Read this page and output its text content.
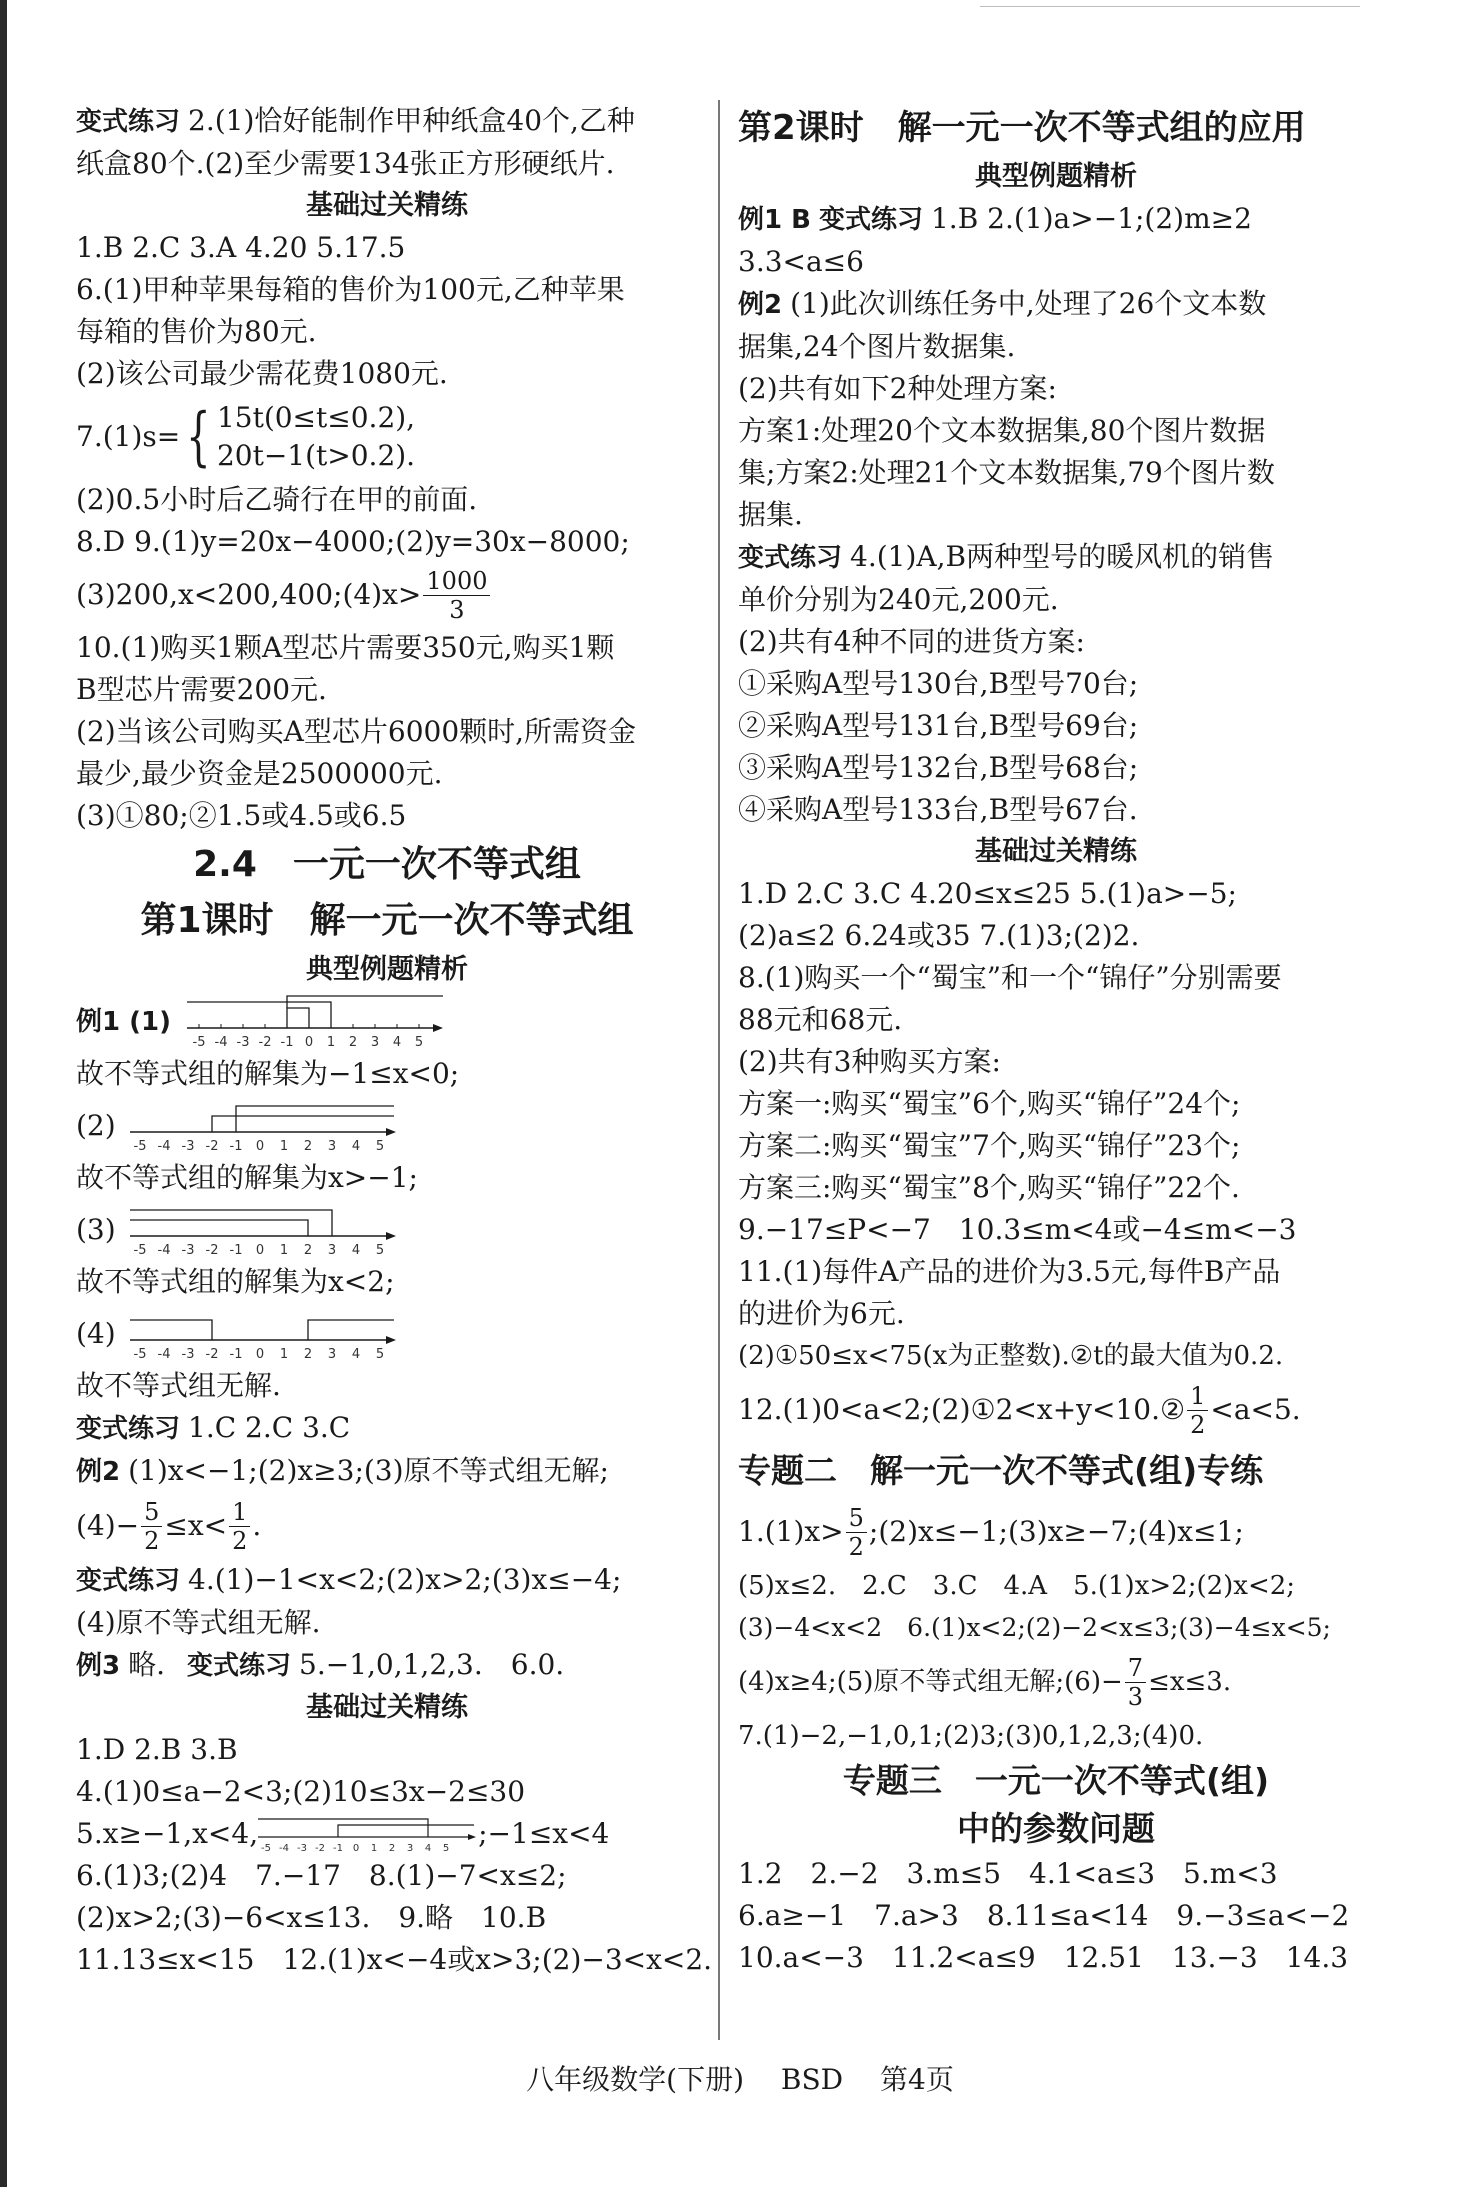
变式练习 2.(1)恰好能制作甲种纸盒40个,乙种
纸盒80个.(2)至少需要134张正方形硬纸片.
基础过关精练
1.B 2.C 3.A 4.20 5.17.5
6.(1)甲种苹果每箱的售价为100元,乙种苹果
每箱的售价为80元.
(2)该公司最少需花费1080元.
7.(1)s= { 15t(0≤t≤0.2),
20t−1(t>0.2).
(2)0.5小时后乙骑行在甲的前面.
8.D 9.(1)y=20x−4000;(2)y=30x−8000;
(3)200,x<200,400;(4)x> $\frac{1000}{3}$
10.(1)购买1颗A型芯片需要350元,购买1颗
B型芯片需要200元.
(2)当该公司购买A型芯片6000颗时,所需资金
最少,最少资金是2500000元.
(3)①80;②1.5或4.5或6.5
2.4　一元一次不等式组
第1课时　解一元一次不等式组
典型例题精析
例1 (1)
-5 -4 -3 -2 -1 0 1 2 3 4 5
故不等式组的解集为−1≤x<0;
(2)
-5 -4 -3 -2 -1 0 1 2 3 4 5
故不等式组的解集为x>−1;
(3)
-5 -4 -3 -2 -1 0 1 2 3 4 5
故不等式组的解集为x<2;
(4)
-5 -4 -3 -2 -1 0 1 2 3 4 5
故不等式组无解.
变式练习 1.C 2.C 3.C
例2 (1)x<−1;(2)x≥3;(3)原不等式组无解;
$(4)- \frac{5}{2} \le x< \frac{1}{2}$ .
变式练习 4.(1)−1<x<2;(2)x>2;(3)x≤−4;
(4)原不等式组无解.
例3 略. 变式练习 5.−1,0,1,2,3.　6.0.
基础过关精练
1.D 2.B 3.B
4.(1)0≤a−2<3;(2)10≤3x−2≤30
5.x≥−1,x<4, -5 -4 -3 -2 -1 0 1 2 3 4 5 ;−1≤x<4
6.(1)3;(2)4　7.−17　8.(1)−7<x≤2;
(2)x>2;(3)−6<x≤13.　9.略　10.B
11.13≤x<15　12.(1)x<−4或x>3;(2)−3<x<2.
第2课时　解一元一次不等式组的应用
典型例题精析
例1 B 变式练习 1.B 2.(1)a>−1;(2)m≥2
3.3<a≤6
例2 (1)此次训练任务中,处理了26个文本数
据集,24个图片数据集.
(2)共有如下2种处理方案:
方案1:处理20个文本数据集,80个图片数据
集;方案2:处理21个文本数据集,79个图片数
据集.
变式练习 4.(1)A,B两种型号的暖风机的销售
单价分别为240元,200元.
(2)共有4种不同的进货方案:
①采购A型号130台,B型号70台;
②采购A型号131台,B型号69台;
③采购A型号132台,B型号68台;
④采购A型号133台,B型号67台.
基础过关精练
1.D 2.C 3.C 4.20≤x≤25 5.(1)a>−5;
(2)a≤2 6.24或35 7.(1)3;(2)2.
8.(1)购买一个“蜀宝”和一个“锦仔”分别需要
88元和68元.
(2)共有3种购买方案:
方案一:购买“蜀宝”6个,购买“锦仔”24个;
方案二:购买“蜀宝”7个,购买“锦仔”23个;
方案三:购买“蜀宝”8个,购买“锦仔”22个.
9.−17≤P<−7　10.3≤m<4或−4≤m<−3
11.(1)每件A产品的进价为3.5元,每件B产品
的进价为6元.
(2)①50≤x<75(x为正整数).②t的最大值为0.2.
12.(1)0<a<2;(2)①2<x+y<10.② $\frac{1}{2} <a<5$.
专题二　解一元一次不等式(组)专练
$1.(1)x> \frac{5}{2}$ ;(2)x≤−1;(3)x≥−7;(4)x≤1;
(5)x≤2.　2.C　3.C　4.A　5.(1)x>2;(2)x<2;
(3)−4<x<2　6.(1)x<2;(2)−2<x≤3;(3)−4≤x<5;
(4)x≥4;(5)原不等式组无解;(6)− $\frac{7}{3} \le x\le 3$.
7.(1)−2,−1,0,1;(2)3;(3)0,1,2,3;(4)0.
专题三　一元一次不等式(组)
中的参数问题
1.2　2.−2　3.m≤5　4.1<a≤3　5.m<3
6.a≥−1　7.a>3　8.11≤a<14　9.−3≤a<−2
10.a<−3　11.2<a≤9　12.51　13.−3　14.3
八年级数学(下册) BSD 第4页
